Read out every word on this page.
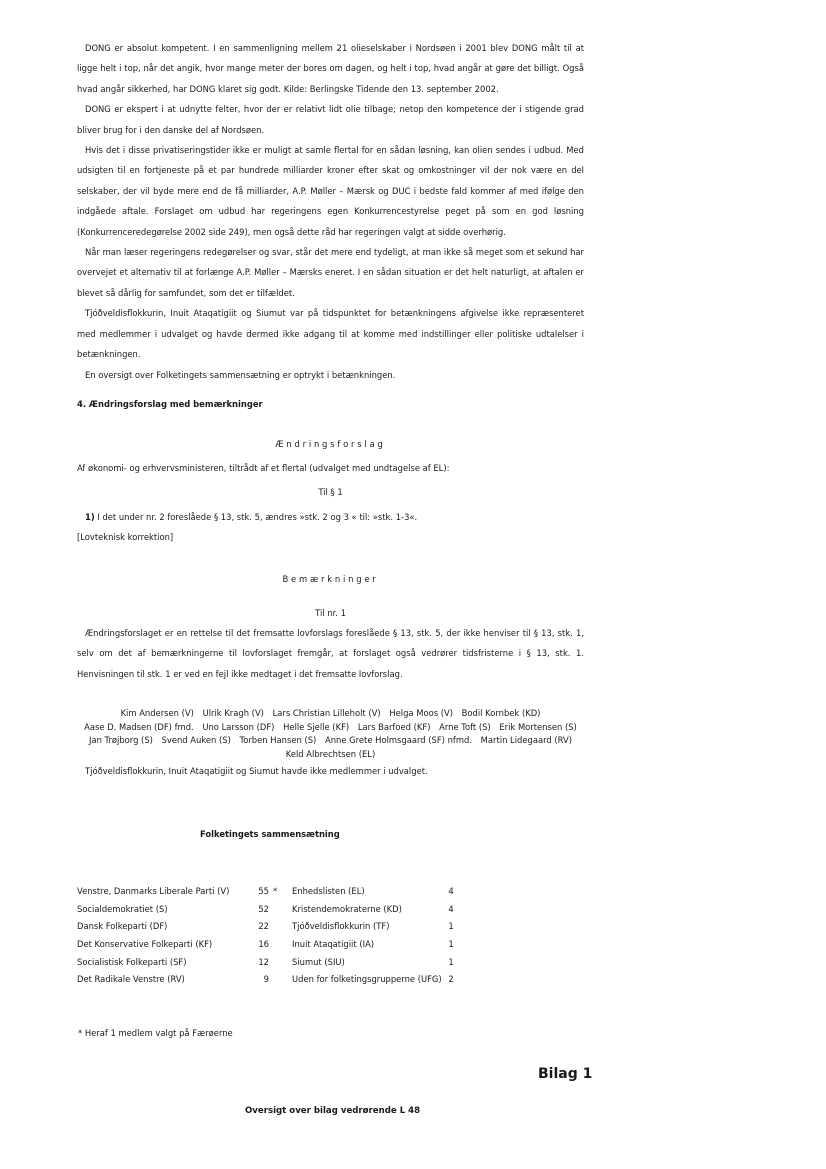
DONG er absolut kompetent. I en sammenligning mellem 21 olieselskaber i Nordsøen i 2001 blev DONG målt til at ligge helt i top, når det angik, hvor mange meter der bores om dagen, og helt i top, hvad angår at gøre det billigt. Også hvad angår sikkerhed, har DONG klaret sig godt. Kilde: Berlingske Tidende den 13. september 2002.

DONG er ekspert i at udnytte felter, hvor der er relativt lidt olie tilbage; netop den kompetence der i stigende grad bliver brug for i den danske del af Nordsøen.

Hvis det i disse privatiseringstider ikke er muligt at samle flertal for en sådan løsning, kan olien sendes i udbud. Med udsigten til en fortjeneste på et par hundrede milliarder kroner efter skat og omkostninger vil der nok være en del selskaber, der vil byde mere end de få milliarder, A.P. Møller – Mærsk og DUC i bedste fald kommer af med ifølge den indgåede aftale. Forslaget om udbud har regeringens egen Konkurrencestyrelse peget på som en god løsning (Konkurrenceredegørelse 2002 side 249), men også dette råd har regeringen valgt at sidde overhørig.

Når man læser regeringens redegørelser og svar, står det mere end tydeligt, at man ikke så meget som et sekund har overvejet et alternativ til at forlænge A.P. Møller – Mærsks eneret. I en sådan situation er det helt naturligt, at aftalen er blevet så dårlig for samfundet, som det er tilfældet.

Tjóðveldisflokkurin, Inuit Ataqatigiit og Siumut var på tidspunktet for betænkningens afgivelse ikke repræsenteret med medlemmer i udvalget og havde dermed ikke adgang til at komme med indstillinger eller politiske udtalelser i betænkningen.

En oversigt over Folketingets sammensætning er optrykt i betænkningen.

4. Ændringsforslag med bemærkninger
Ændringsforslag
Af økonomi- og erhvervsministeren, tiltrådt af et flertal (udvalget med undtagelse af EL):
Til § 1
1) I det under nr. 2 foreslåede § 13, stk. 5, ændres »stk. 2 og 3 « til: »stk. 1-3«.
[Lovteknisk korrektion]
Bemærkninger
Til nr. 1

Ændringsforslaget er en rettelse til det fremsatte lovforslags foreslåede § 13, stk. 5, der ikke henviser til § 13, stk. 1, selv om det af bemærkningerne til lovforslaget fremgår, at forslaget også vedrører tidsfristerne i § 13, stk. 1. Henvisningen til stk. 1 er ved en fejl ikke medtaget i det fremsatte lovforslag.

Kim Andersen (V) Ulrik Kragh (V) Lars Christian Lilleholt (V) Helga Moos (V) Bodil Kornbek (KD)
Aase D. Madsen (DF) fmd. Uno Larsson (DF) Helle Sjelle (KF) Lars Barfoed (KF) Arne Toft (S) Erik Mortensen (S)
Jan Trøjborg (S) Svend Auken (S) Torben Hansen (S) Anne Grete Holmsgaard (SF) nfmd. Martin Lidegaard (RV)
Keld Albrechtsen (EL)
Tjóðveldisflokkurin, Inuit Ataqatigiit og Siumut havde ikke medlemmer i udvalget.
Folketingets sammensætning
Venstre, Danmarks Liberale Parti (V)	55	*	Enhedslisten (EL)	4
Socialdemokratiet (S)	52		Kristendemokraterne (KD)	4
Dansk Folkeparti (DF)	22		Tjóðveldisflokkurin (TF)	1
Det Konservative Folkeparti (KF)	16		Inuit Ataqatigiit (IA)	1
Socialistisk Folkeparti (SF)	12		Siumut (SIU)	1
Det Radikale Venstre (RV)	9		Uden for folketingsgrupperne (UFG)	2
* Heraf 1 medlem valgt på Færøerne
Bilag 1
Oversigt over bilag vedrørende L 48
